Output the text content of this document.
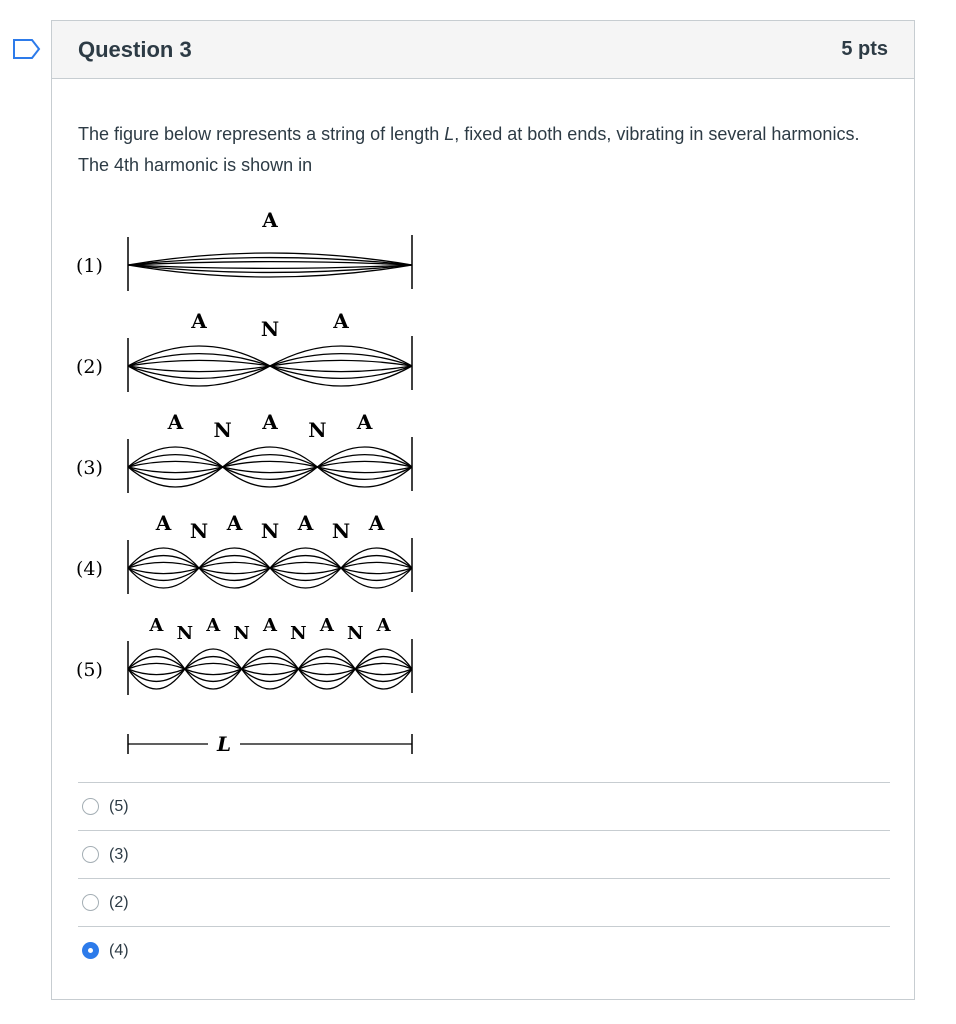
Question 3	5 pts

The figure below represents a string of length L, fixed at both ends, vibrating in several harmonics. The 4th harmonic is shown in

(1)
A
(2)
A	N	A
(3)
A N A N A
(4)
A N A N A N A
(5)
A N A N A N A N A
L
(5)
(3)
(2)
(4)
